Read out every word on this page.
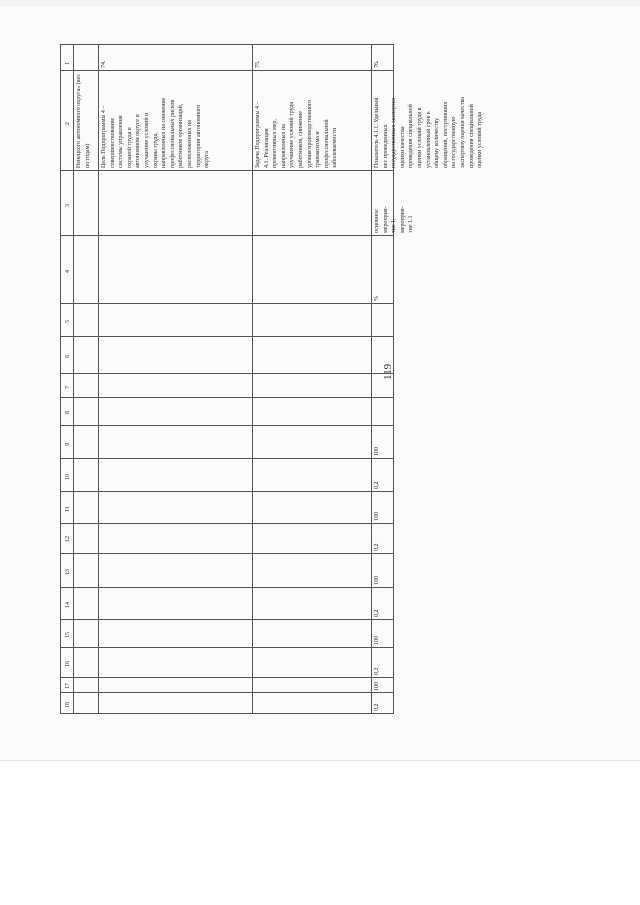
119
1
2
3
4
5
6
7
8
9
10
11
12
13
14
15
16
17
18
Ненецкого автономного округа» (вес по годам)
74.
Цель Подпрограммы 4 – совершенствование системы управления охраной труда в автономном округе и улучшение условий и охраны труда, направленных на снижение профессиональных рисков работников организаций, расположенных на территории автономного округа
75.
Задача Подпрограммы 4 – 4.1. Реализация превентивных мер, направленных на улучшение условий труда работников, снижение уровня производственного травматизма и профессиональной заболеваемости
76.
Показатель 4.1.1. Удельный вес проведенных государственных экспертиз оценки качества проведения специальной оценки условий труда в установленный срок к общему количеству обращений, поступивших на государственную экспертизу оценки качества проведения специальной оценки условий труда
основное мероприя- тие 1, мероприя- тие 1.1
%
100
0,2
100
0,2
100
0,2
100
0,2
100
0,2
